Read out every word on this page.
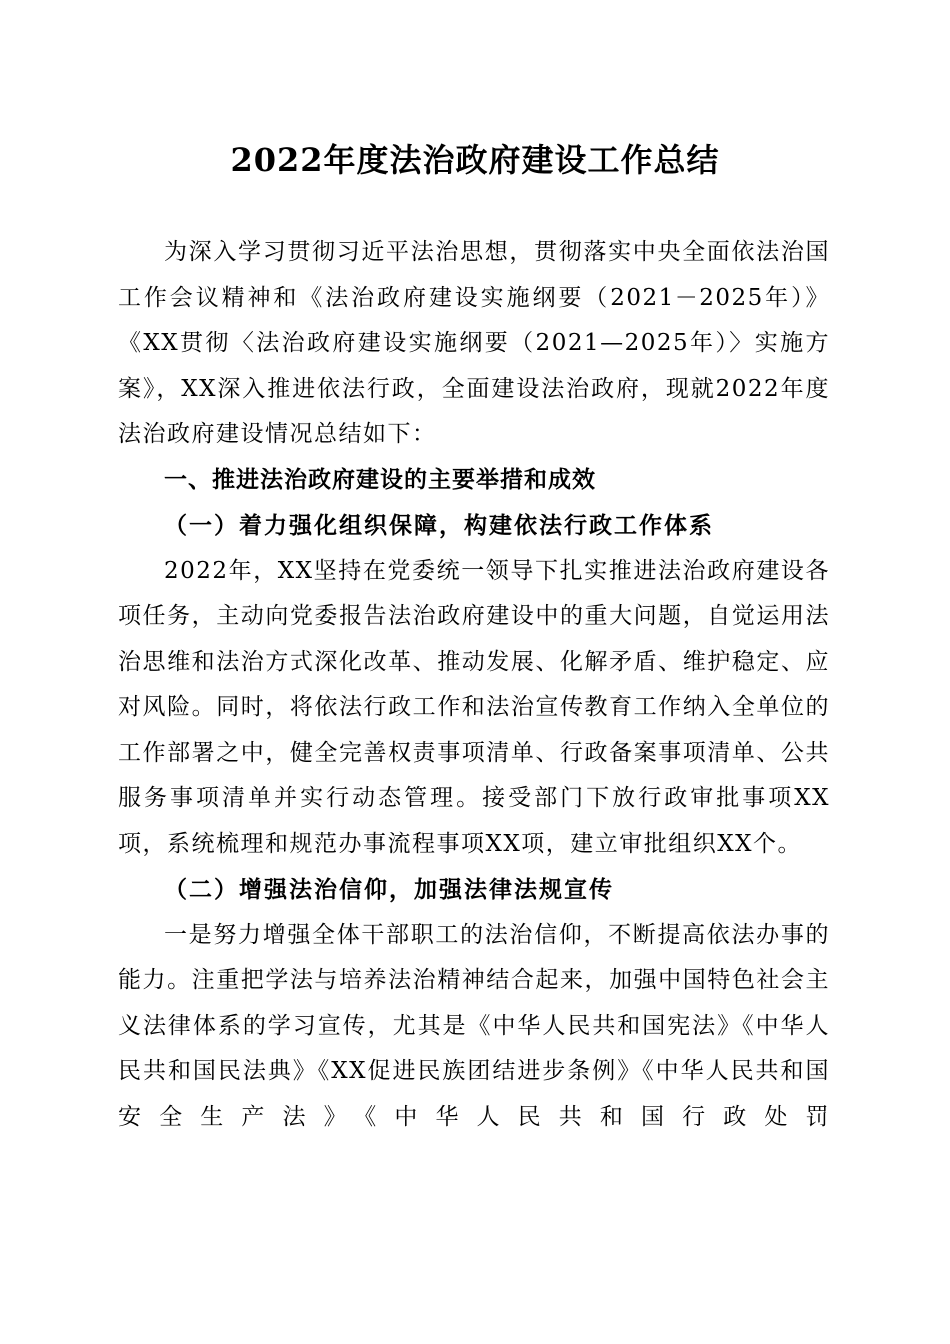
2022年度法治政府建设工作总结

为深入学习贯彻习近平法治思想，贯彻落实中央全面依法治国工作会议精神和《法治政府建设实施纲要（2021－2025年）》《XX贯彻〈法治政府建设实施纲要（2021—2025年）〉实施方案》，XX深入推进依法行政，全面建设法治政府，现就2022年度法治政府建设情况总结如下：

一、推进法治政府建设的主要举措和成效

（一）着力强化组织保障，构建依法行政工作体系

2022年，XX坚持在党委统一领导下扎实推进法治政府建设各项任务，主动向党委报告法治政府建设中的重大问题，自觉运用法治思维和法治方式深化改革、推动发展、化解矛盾、维护稳定、应对风险。同时，将依法行政工作和法治宣传教育工作纳入全单位的工作部署之中，健全完善权责事项清单、行政备案事项清单、公共服务事项清单并实行动态管理。接受部门下放行政审批事项XX项，系统梳理和规范办事流程事项XX项，建立审批组织XX个。

（二）增强法治信仰，加强法律法规宣传

一是努力增强全体干部职工的法治信仰，不断提高依法办事的能力。注重把学法与培养法治精神结合起来，加强中国特色社会主义法律体系的学习宣传，尤其是《中华人民共和国宪法》《中华人民共和国民法典》《XX促进民族团结进步条例》《中华人民共和国安全生产法》《中华人民共和国行政处罚
